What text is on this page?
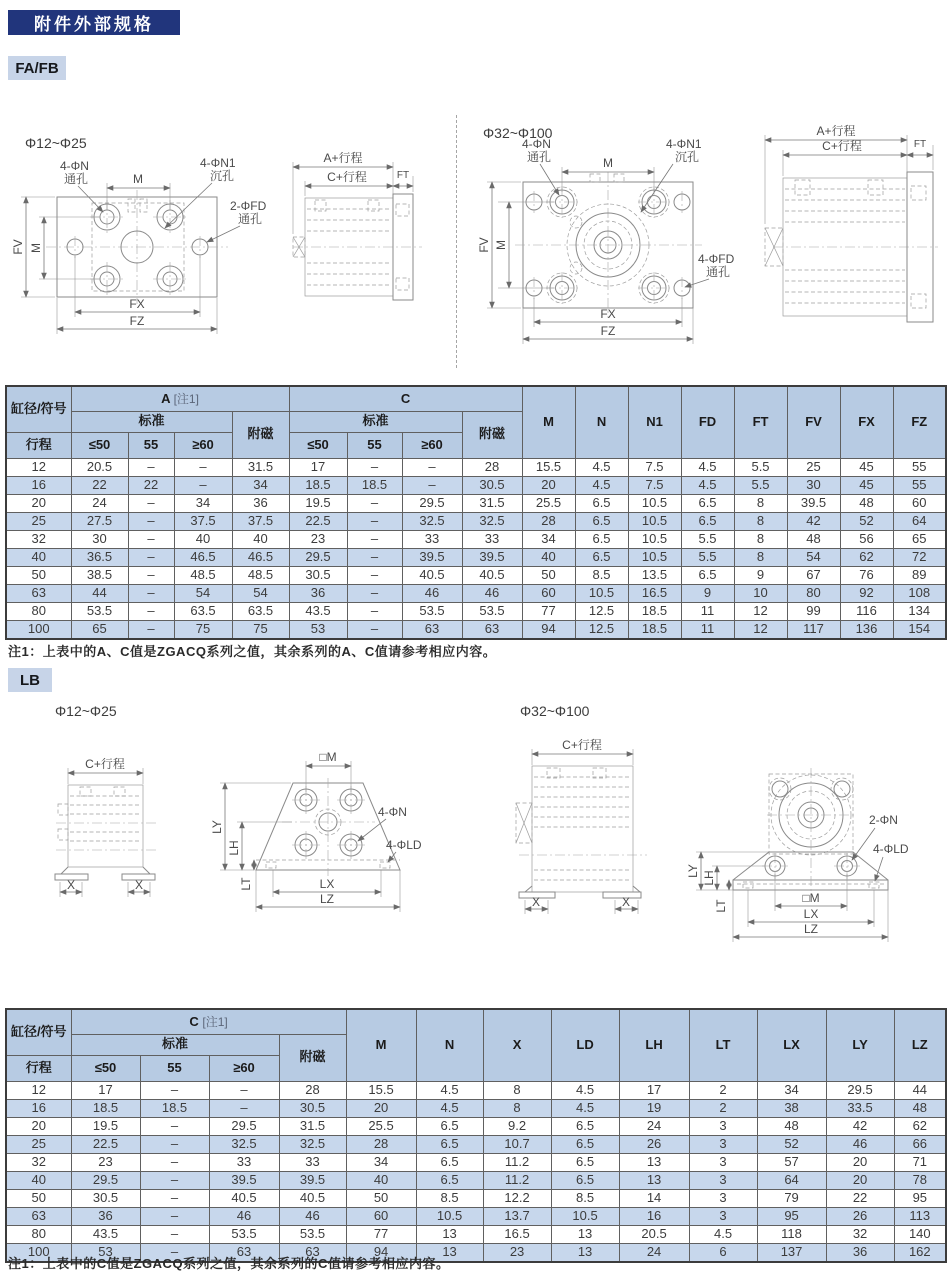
附件外部规格
FA/FB
Φ12~Φ25
M
FV M
FX
FZ
4-ΦN
通孔
4-ΦN1
沉孔
2-ΦFD
通孔
A+行程
C+行程	FT
Φ32~Φ100
M
FV M
FX
FZ
4-ΦN
通孔
4-ΦN1
沉孔
4-ΦFD
通孔
A+行程
C+行程	FT
缸径/符号	A [注1]				C				M	N	N1	FD	FT	FV	FX	FZ
	标准			附磁	标准			附磁								
行程	≤50	55	≥60		≤50	55	≥60									
12	20.5	–	–	31.5	17	–	–	28	15.5	4.5	7.5	4.5	5.5	25	45	55
16	22	22	–	34	18.5	18.5	–	30.5	20	4.5	7.5	4.5	5.5	30	45	55
20	24	–	34	36	19.5	–	29.5	31.5	25.5	6.5	10.5	6.5	8	39.5	48	60
25	27.5	–	37.5	37.5	22.5	–	32.5	32.5	28	6.5	10.5	6.5	8	42	52	64
32	30	–	40	40	23	–	33	33	34	6.5	10.5	5.5	8	48	56	65
40	36.5	–	46.5	46.5	29.5	–	39.5	39.5	40	6.5	10.5	5.5	8	54	62	72
50	38.5	–	48.5	48.5	30.5	–	40.5	40.5	50	8.5	13.5	6.5	9	67	76	89
63	44	–	54	54	36	–	46	46	60	10.5	16.5	9	10	80	92	108
80	53.5	–	63.5	63.5	43.5	–	53.5	53.5	77	12.5	18.5	11	12	99	116	134
100	65	–	75	75	53	–	63	63	94	12.5	18.5	11	12	117	136	154
注1：上表中的A、C值是ZGACQ系列之值，其余系列的A、C值请参考相应内容。
LB
Φ12~Φ25
C+行程
X	X
□M
LY
LH
LT	LX
LZ
4-ΦN
4-ΦLD
Φ32~Φ100
C+行程
X	X
LY LH
LT
□M
LX
LZ
2-ΦN
4-ΦLD
缸径/符号	C [注1]				M	N	X	LD	LH	LT	LX	LY	LZ
	标准			附磁									
行程	≤50	55	≥60										
12	17	–	–	28	15.5	4.5	8	4.5	17	2	34	29.5	44
16	18.5	18.5	–	30.5	20	4.5	8	4.5	19	2	38	33.5	48
20	19.5	–	29.5	31.5	25.5	6.5	9.2	6.5	24	3	48	42	62
25	22.5	–	32.5	32.5	28	6.5	10.7	6.5	26	3	52	46	66
32	23	–	33	33	34	6.5	11.2	6.5	13	3	57	20	71
40	29.5	–	39.5	39.5	40	6.5	11.2	6.5	13	3	64	20	78
50	30.5	–	40.5	40.5	50	8.5	12.2	8.5	14	3	79	22	95
63	36	–	46	46	60	10.5	13.7	10.5	16	3	95	26	113
80	43.5	–	53.5	53.5	77	13	16.5	13	20.5	4.5	118	32	140
100	53	–	63	63	94	13	23	13	24	6	137	36	162
注1：上表中的C值是ZGACQ系列之值，其余系列的C值请参考相应内容。
